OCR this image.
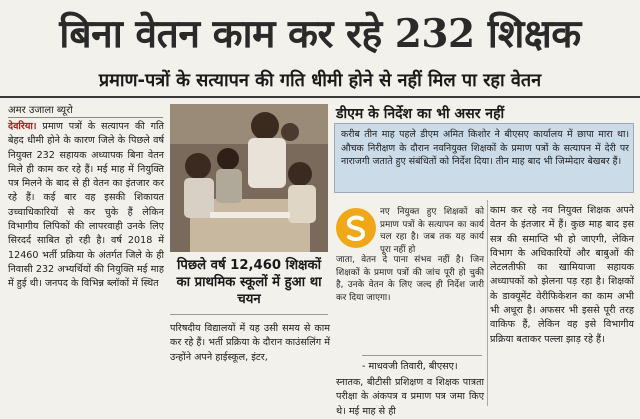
बिना वेतन काम कर रहे 232 शिक्षक
प्रमाण-पत्रों के सत्यापन की गति धीमी होने से नहीं मिल पा रहा वेतन
अमर उजाला ब्यूरो
देवरिया। प्रमाण पत्रों के सत्यापन की गति बेहद धीमी होने के कारण जिले के पिछले वर्ष नियुक्त 232 सहायक अध्यापक बिना वेतन मिले ही काम कर रहे हैं। मई माह में नियुक्ति पत्र मिलने के बाद से ही वेतन का इंतजार कर रहे हैं। कई बार वह इसकी शिकायत उच्चाधिकारियों से कर चुके हैं लेकिन विभागीय लिपिकों की लापरवाही उनके लिए सिरदर्द साबित हो रही है। वर्ष 2018 में 12460 भर्ती प्रक्रिया के अंतर्गत जिले के ही निवासी 232 अभ्यर्थियों की नियुक्ति मई माह में हुई थी। जनपद के विभिन्न ब्लॉकों में स्थित
पिछले वर्ष 12,460 शिक्षकों का प्राथमिक स्कूलों में हुआ था चयन
परिषदीय विद्यालयों में यह उसी समय से काम कर रहे हैं। भर्ती प्रक्रिया के दौरान काउंसलिंग में उन्होंने अपने हाईस्कूल, इंटर,
डीएम के निर्देश का भी असर नहीं
करीब तीन माह पहले डीएम अमित किशोर ने बीएसए कार्यालय में छापा मारा था। औचक निरीक्षण के दौरान नवनियुक्त शिक्षकों के प्रमाण पत्रों के सत्यापन में देरी पर नाराजगी जताते हुए संबंधितों को निर्देश दिया। तीन माह बाद भी जिम्मेदार बेखबर हैं।
नए नियुक्त हुए शिक्षकों को प्रमाण पत्रों के सत्यापन का कार्य चल रहा है। जब तक यह कार्य पूरा नहीं हो
जाता, वेतन दे पाना संभव नहीं है। जिन शिक्षकों के प्रमाण पत्रों की जांच पूरी हो चुकी है, उनके वेतन के लिए जल्द ही निर्देश जारी कर दिया जाएगा।
- माधवजी तिवारी, बीएसए।
स्नातक, बीटीसी प्रशिक्षण व शिक्षक पात्रता परीक्षा के अंकपत्र व प्रमाण पत्र जमा किए थे। मई माह से ही
काम कर रहे नव नियुक्त शिक्षक अपने वेतन के इंतजार में हैं। कुछ माह बाद इस सत्र की समाप्ति भी हो जाएगी, लेकिन विभाग के अधिकारियों और बाबुओं की लेटलतीफी का खामियाजा सहायक अध्यापकों को झेलना पड़ रहा है। शिक्षकों के डाक्यूमेंट वेरीफिकेशन का काम अभी भी अधूरा है। अफसर भी इससे पूरी तरह वाकिफ हैं, लेकिन वह इसे विभागीय प्रक्रिया बताकर पल्ला झाड़ रहे हैं।
